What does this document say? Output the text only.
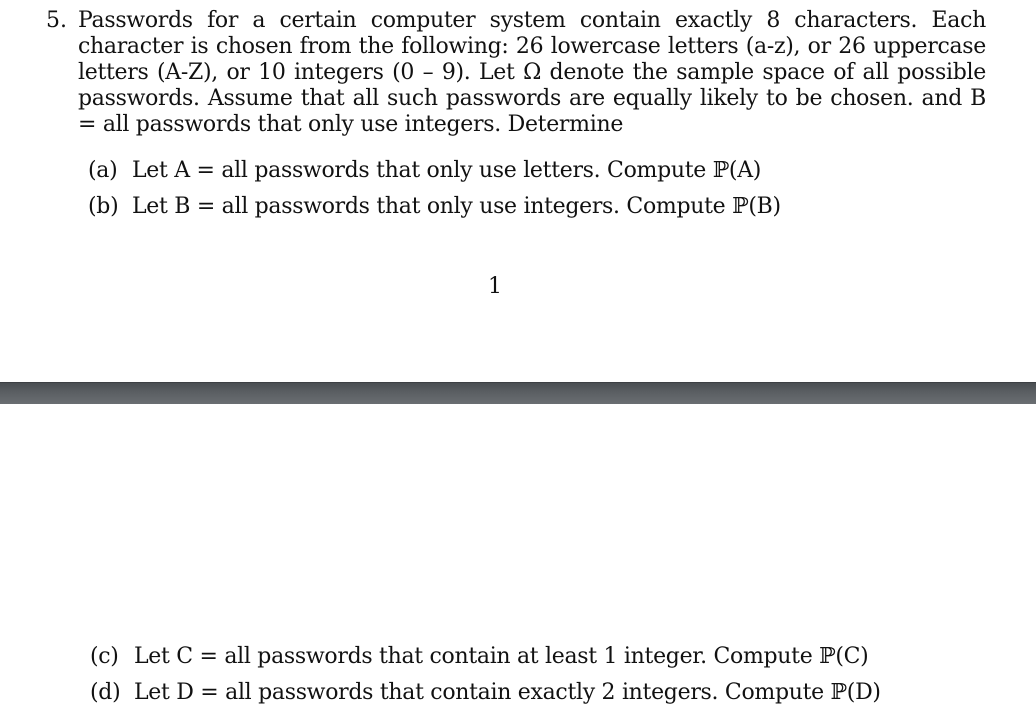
5. Passwords for a certain computer system contain exactly 8 characters. Each character is chosen from the following: 26 lowercase letters (a-z), or 26 uppercase letters (A-Z), or 10 integers (0 – 9). Let Ω denote the sample space of all possible passwords. Assume that all such passwords are equally likely to be chosen. and B = all passwords that only use integers. Determine
(a) Let A = all passwords that only use letters. Compute ℙ(A)
(b) Let B = all passwords that only use integers. Compute ℙ(B)
1
(c) Let C = all passwords that contain at least 1 integer. Compute ℙ(C)
(d) Let D = all passwords that contain exactly 2 integers. Compute ℙ(D)
